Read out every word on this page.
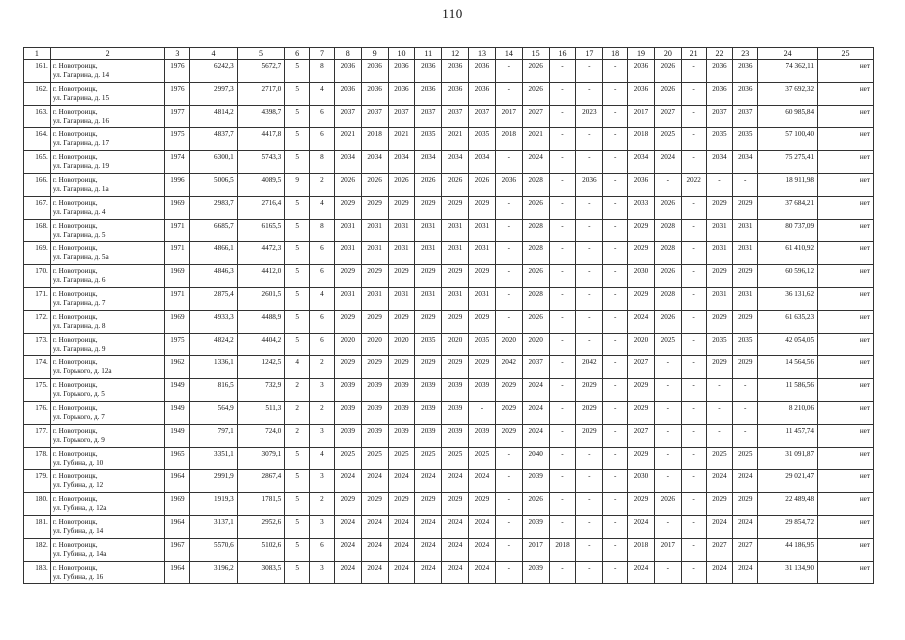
110
1	2	3	4	5	6	7	8	9	10	11	12	13	14	15	16	17	18	19	20	21	22	23	24	25
161.	г. Новотроицк,
ул. Гагарина, д. 14	1976	6242,3	5672,7	5	8	2036	2036	2036	2036	2036	2036	-	2026	-	-	-	2036	2026	-	2036	2036	74 362,11	нет
162.	г. Новотроицк,
ул. Гагарина, д. 15	1976	2997,3	2717,0	5	4	2036	2036	2036	2036	2036	2036	-	2026	-	-	-	2036	2026	-	2036	2036	37 692,32	нет
163.	г. Новотроицк,
ул. Гагарина, д. 16	1977	4814,2	4398,7	5	6	2037	2037	2037	2037	2037	2037	2017	2027	-	2023	-	2017	2027	-	2037	2037	60 985,84	нет
164.	г. Новотроицк,
ул. Гагарина, д. 17	1975	4837,7	4417,8	5	6	2021	2018	2021	2035	2021	2035	2018	2021	-	-	-	2018	2025	-	2035	2035	57 100,40	нет
165.	г. Новотроицк,
ул. Гагарина, д. 19	1974	6300,1	5743,3	5	8	2034	2034	2034	2034	2034	2034	-	2024	-	-	-	2034	2024	-	2034	2034	75 275,41	нет
166.	г. Новотроицк,
ул. Гагарина, д. 1а	1996	5006,5	4089,5	9	2	2026	2026	2026	2026	2026	2026	2036	2028	-	2036	-	2036	-	2022	-	-	18 911,98	нет
167.	г. Новотроицк,
ул. Гагарина, д. 4	1969	2983,7	2716,4	5	4	2029	2029	2029	2029	2029	2029	-	2026	-	-	-	2033	2026	-	2029	2029	37 684,21	нет
168.	г. Новотроицк,
ул. Гагарина, д. 5	1971	6685,7	6165,5	5	8	2031	2031	2031	2031	2031	2031	-	2028	-	-	-	2029	2028	-	2031	2031	80 737,09	нет
169.	г. Новотроицк,
ул. Гагарина, д. 5а	1971	4866,1	4472,3	5	6	2031	2031	2031	2031	2031	2031	-	2028	-	-	-	2029	2028	-	2031	2031	61 410,92	нет
170.	г. Новотроицк,
ул. Гагарина, д. 6	1969	4846,3	4412,0	5	6	2029	2029	2029	2029	2029	2029	-	2026	-	-	-	2030	2026	-	2029	2029	60 596,12	нет
171.	г. Новотроицк,
ул. Гагарина, д. 7	1971	2875,4	2601,5	5	4	2031	2031	2031	2031	2031	2031	-	2028	-	-	-	2029	2028	-	2031	2031	36 131,62	нет
172.	г. Новотроицк,
ул. Гагарина, д. 8	1969	4933,3	4488,9	5	6	2029	2029	2029	2029	2029	2029	-	2026	-	-	-	2024	2026	-	2029	2029	61 635,23	нет
173.	г. Новотроицк,
ул. Гагарина, д. 9	1975	4824,2	4404,2	5	6	2020	2020	2020	2035	2020	2035	2020	2020	-	-	-	2020	2025	-	2035	2035	42 054,05	нет
174.	г. Новотроицк,
ул. Горького, д. 12а	1962	1336,1	1242,5	4	2	2029	2029	2029	2029	2029	2029	2042	2037	-	2042	-	2027	-	-	2029	2029	14 564,56	нет
175.	г. Новотроицк,
ул. Горького, д. 5	1949	816,5	732,9	2	3	2039	2039	2039	2039	2039	2039	2029	2024	-	2029	-	2029	-	-	-	-	11 586,56	нет
176.	г. Новотроицк,
ул. Горького, д. 7	1949	564,9	511,3	2	2	2039	2039	2039	2039	2039	-	2029	2024	-	2029	-	2029	-	-	-	-	8 210,06	нет
177.	г. Новотроицк,
ул. Горького, д. 9	1949	797,1	724,0	2	3	2039	2039	2039	2039	2039	2039	2029	2024	-	2029	-	2027	-	-	-	-	11 457,74	нет
178.	г. Новотроицк,
ул. Губина, д. 10	1965	3351,1	3079,1	5	4	2025	2025	2025	2025	2025	2025	-	2040	-	-	-	2029	-	-	2025	2025	31 091,87	нет
179.	г. Новотроицк,
ул. Губина, д. 12	1964	2991,9	2867,4	5	3	2024	2024	2024	2024	2024	2024	-	2039	-	-	-	2030	-	-	2024	2024	29 021,47	нет
180.	г. Новотроицк,
ул. Губина, д. 12а	1969	1919,3	1781,5	5	2	2029	2029	2029	2029	2029	2029	-	2026	-	-	-	2029	2026	-	2029	2029	22 489,48	нет
181.	г. Новотроицк,
ул. Губина, д. 14	1964	3137,1	2952,6	5	3	2024	2024	2024	2024	2024	2024	-	2039	-	-	-	2024	-	-	2024	2024	29 854,72	нет
182.	г. Новотроицк,
ул. Губина, д. 14а	1967	5570,6	5102,6	5	6	2024	2024	2024	2024	2024	2024	-	2017	2018	-	-	2018	2017	-	2027	2027	44 186,95	нет
183.	г. Новотроицк,
ул. Губина, д. 16	1964	3196,2	3083,5	5	3	2024	2024	2024	2024	2024	2024	-	2039	-	-	-	2024	-	-	2024	2024	31 134,90	нет
